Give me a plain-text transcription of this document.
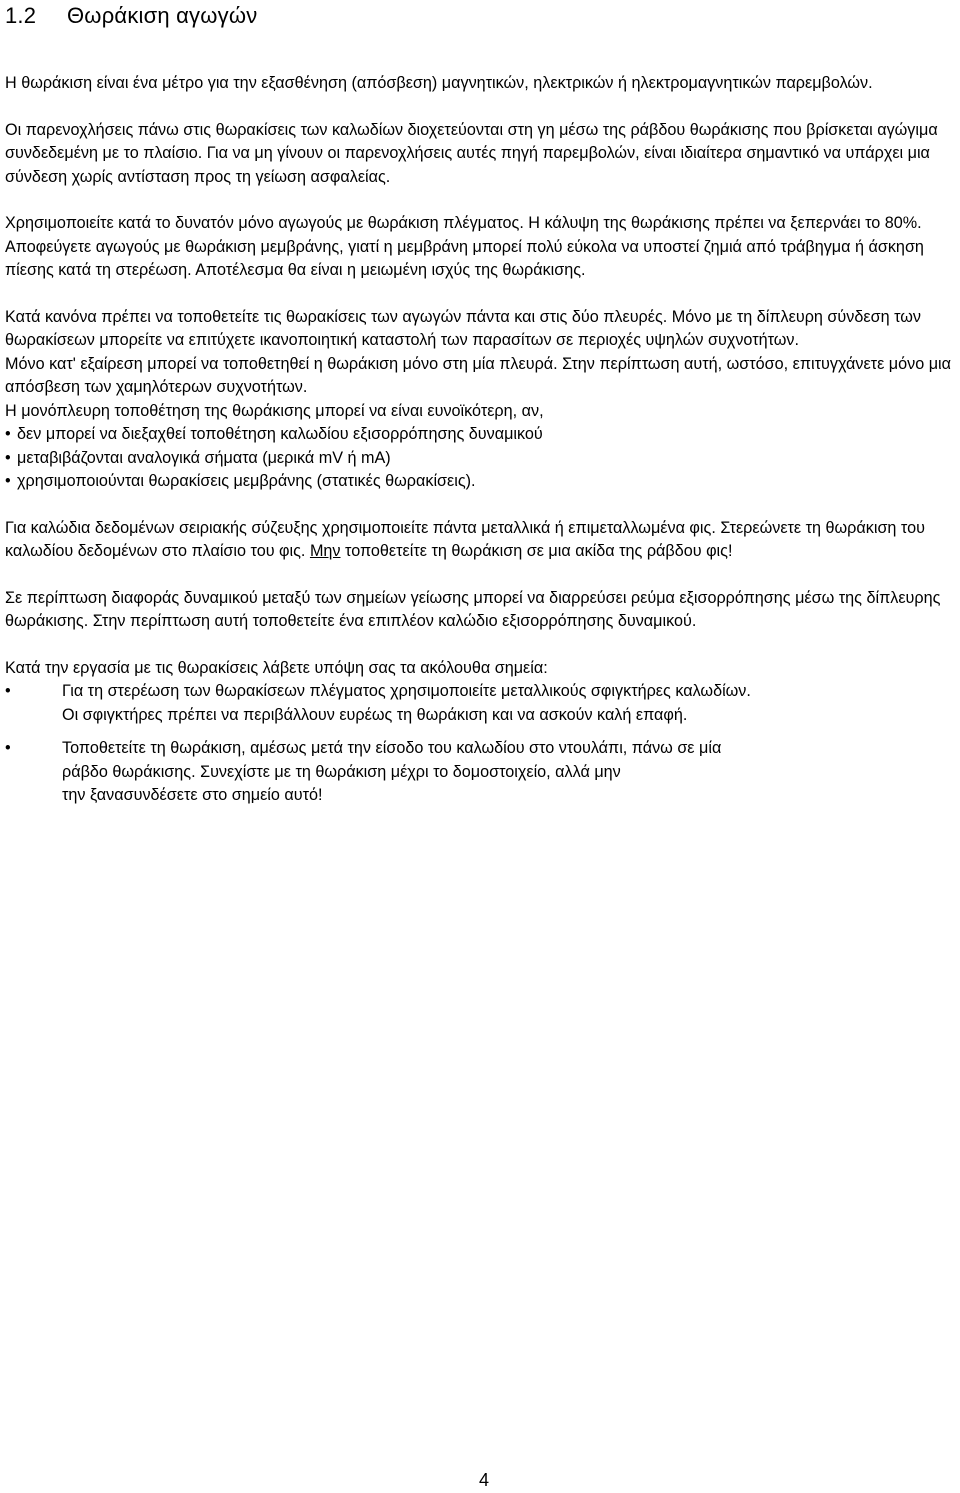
1.2 Θωράκιση αγωγών

Η θωράκιση είναι ένα μέτρο για την εξασθένηση (απόσβεση) μαγνητικών, ηλεκτρικών ή ηλεκτρομαγνητικών παρεμβολών.

Οι παρενοχλήσεις πάνω στις θωρακίσεις των καλωδίων διοχετεύονται στη γη μέσω της ράβδου θωράκισης που βρίσκεται αγώγιμα συνδεδεμένη με το πλαίσιο. Για να μη γίνουν οι παρενοχλήσεις αυτές πηγή παρεμβολών, είναι ιδιαίτερα σημαντικό να υπάρχει μια σύνδεση χωρίς αντίσταση προς τη γείωση ασφαλείας.

Χρησιμοποιείτε κατά το δυνατόν μόνο αγωγούς με θωράκιση πλέγματος. Η κάλυψη της θωράκισης πρέπει να ξεπερνάει το 80%. Αποφεύγετε αγωγούς με θωράκιση μεμβράνης, γιατί η μεμβράνη μπορεί πολύ εύκολα να υποστεί ζημιά από τράβηγμα ή άσκηση πίεσης κατά τη στερέωση. Αποτέλεσμα θα είναι η μειωμένη ισχύς της θωράκισης.

Κατά κανόνα πρέπει να τοποθετείτε τις θωρακίσεις των αγωγών πάντα και στις δύο πλευρές. Μόνο με τη δίπλευρη σύνδεση των θωρακίσεων μπορείτε να επιτύχετε ικανοποιητική καταστολή των παρασίτων σε περιοχές υψηλών συχνοτήτων.

Μόνο κατ' εξαίρεση μπορεί να τοποθετηθεί η θωράκιση μόνο στη μία πλευρά. Στην περίπτωση αυτή, ωστόσο, επιτυγχάνετε μόνο μια απόσβεση των χαμηλότερων συχνοτήτων.

Η μονόπλευρη τοποθέτηση της θωράκισης μπορεί να είναι ευνοϊκότερη, αν,

• δεν μπορεί να διεξαχθεί τοποθέτηση καλωδίου εξισορρόπησης δυναμικού
• μεταβιβάζονται αναλογικά σήματα (μερικά mV ή mA)
• χρησιμοποιούνται θωρακίσεις μεμβράνης (στατικές θωρακίσεις).

Για καλώδια δεδομένων σειριακής σύζευξης χρησιμοποιείτε πάντα μεταλλικά ή επιμεταλλωμένα φις. Στερεώνετε τη θωράκιση του καλωδίου δεδομένων στο πλαίσιο του φις. Μην τοποθετείτε τη θωράκιση σε μια ακίδα της ράβδου φις!

Σε περίπτωση διαφοράς δυναμικού μεταξύ των σημείων γείωσης μπορεί να διαρρεύσει ρεύμα εξισορρόπησης μέσω της δίπλευρης θωράκισης. Στην περίπτωση αυτή τοποθετείτε ένα επιπλέον καλώδιο εξισορρόπησης δυναμικού.

Κατά την εργασία με τις θωρακίσεις λάβετε υπόψη σας τα ακόλουθα σημεία:

•	Για τη στερέωση των θωρακίσεων πλέγματος χρησιμοποιείτε μεταλλικούς σφιγκτήρες καλωδίων.
Οι σφιγκτήρες πρέπει να περιβάλλουν ευρέως τη θωράκιση και να ασκούν καλή επαφή.
•	Τοποθετείτε τη θωράκιση, αμέσως μετά την είσοδο του καλωδίου στο ντουλάπι, πάνω σε μία
ράβδο θωράκισης. Συνεχίστε με τη θωράκιση μέχρι το δομοστοιχείο, αλλά μην
την ξανασυνδέσετε στο σημείο αυτό!
4
